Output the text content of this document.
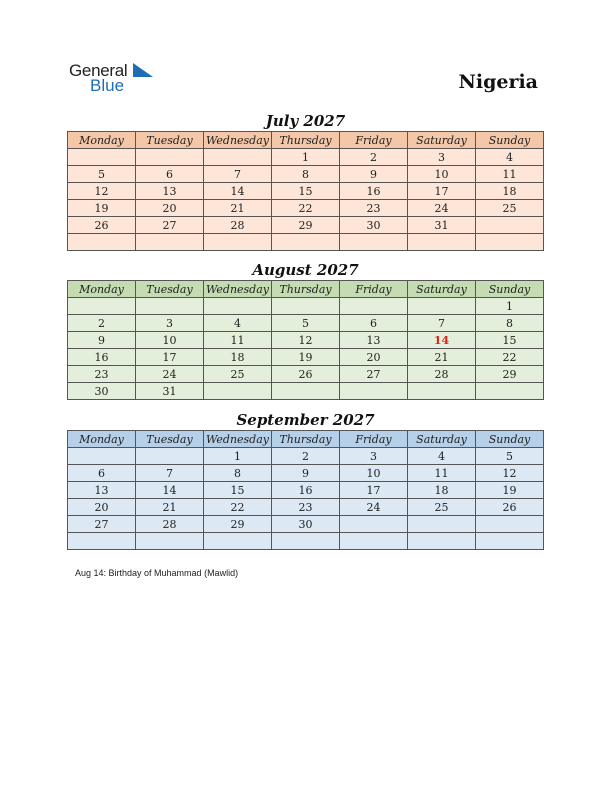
General
Blue	Nigeria
July 2027
Monday	Tuesday	Wednesday	Thursday	Friday	Saturday	Sunday
			1	2	3	4
5	6	7	8	9	10	11
12	13	14	15	16	17	18
19	20	21	22	23	24	25
26	27	28	29	30	31	

August 2027
Monday	Tuesday	Wednesday	Thursday	Friday	Saturday	Sunday
						1
2	3	4	5	6	7	8
9	10	11	12	13	14	15
16	17	18	19	20	21	22
23	24	25	26	27	28	29
30	31					
September 2027
Monday	Tuesday	Wednesday	Thursday	Friday	Saturday	Sunday
		1	2	3	4	5
6	7	8	9	10	11	12
13	14	15	16	17	18	19
20	21	22	23	24	25	26
27	28	29	30			

Aug 14: Birthday of Muhammad (Mawlid)
